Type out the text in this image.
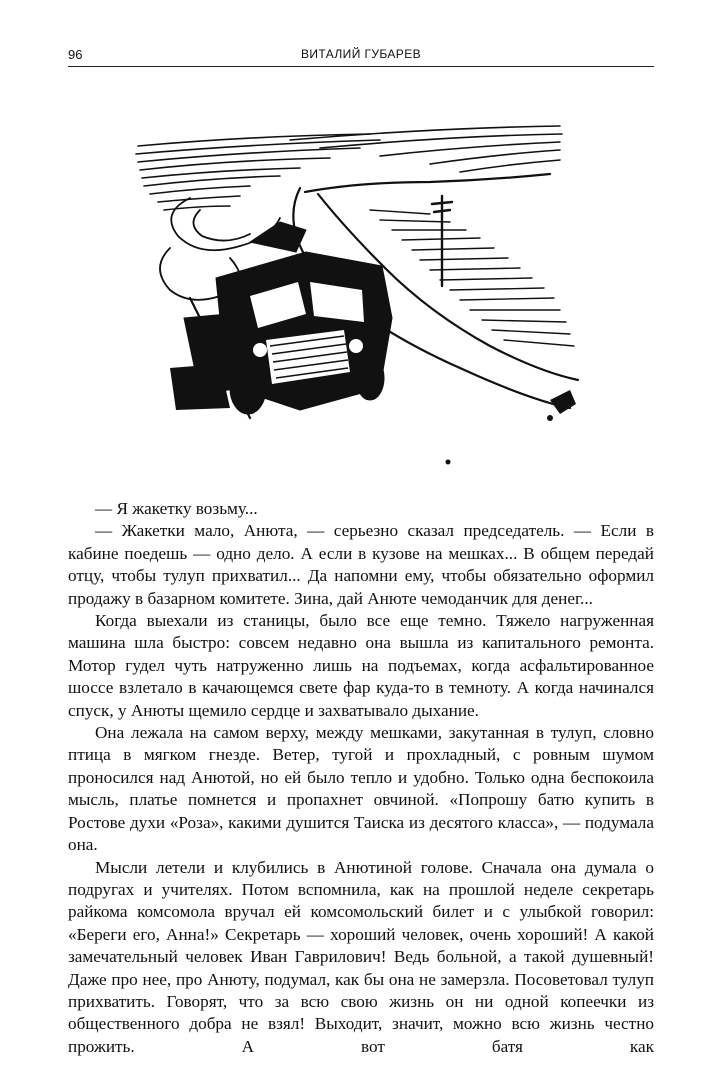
96	ВИТАЛИЙ ГУБАРЕВ

— Я жакетку возьму...

— Жакетки мало, Анюта, — серьезно сказал председатель. — Если в кабине поедешь — одно дело. А если в кузове на мешках... В общем передай отцу, чтобы тулуп прихватил... Да напомни ему, чтобы обязательно оформил продажу в базарном комитете. Зина, дай Анюте чемоданчик для денег...

Когда выехали из станицы, было все еще темно. Тяжело нагруженная машина шла быстро: совсем недавно она вышла из капитального ремонта. Мотор гудел чуть натруженно лишь на подъемах, когда асфальтированное шоссе взлетало в качающемся свете фар куда-то в темноту. А когда начинался спуск, у Анюты щемило сердце и захватывало дыхание.

Она лежала на самом верху, между мешками, закутанная в тулуп, словно птица в мягком гнезде. Ветер, тугой и прохладный, с ровным шумом проносился над Анютой, но ей было тепло и удобно. Только одна беспокоила мысль, платье помнется и пропахнет овчиной. «Попрошу батю купить в Ростове духи «Роза», какими душится Таиска из десятого класса», — подумала она.

Мысли летели и клубились в Анютиной голове. Сначала она думала о подругах и учителях. Потом вспомнила, как на прошлой неделе секретарь райкома комсомола вручал ей комсомольский билет и с улыбкой говорил: «Береги его, Анна!» Секретарь — хороший человек, очень хороший! А какой замечательный человек Иван Гаврилович! Ведь больной, а такой душевный! Даже про нее, про Анюту, подумал, как бы она не замерзла. Посоветовал тулуп прихватить. Говорят, что за всю свою жизнь он ни одной копеечки из общественного добра не взял! Выходит, значит, можно всю жизнь честно прожить. А вот батя как
